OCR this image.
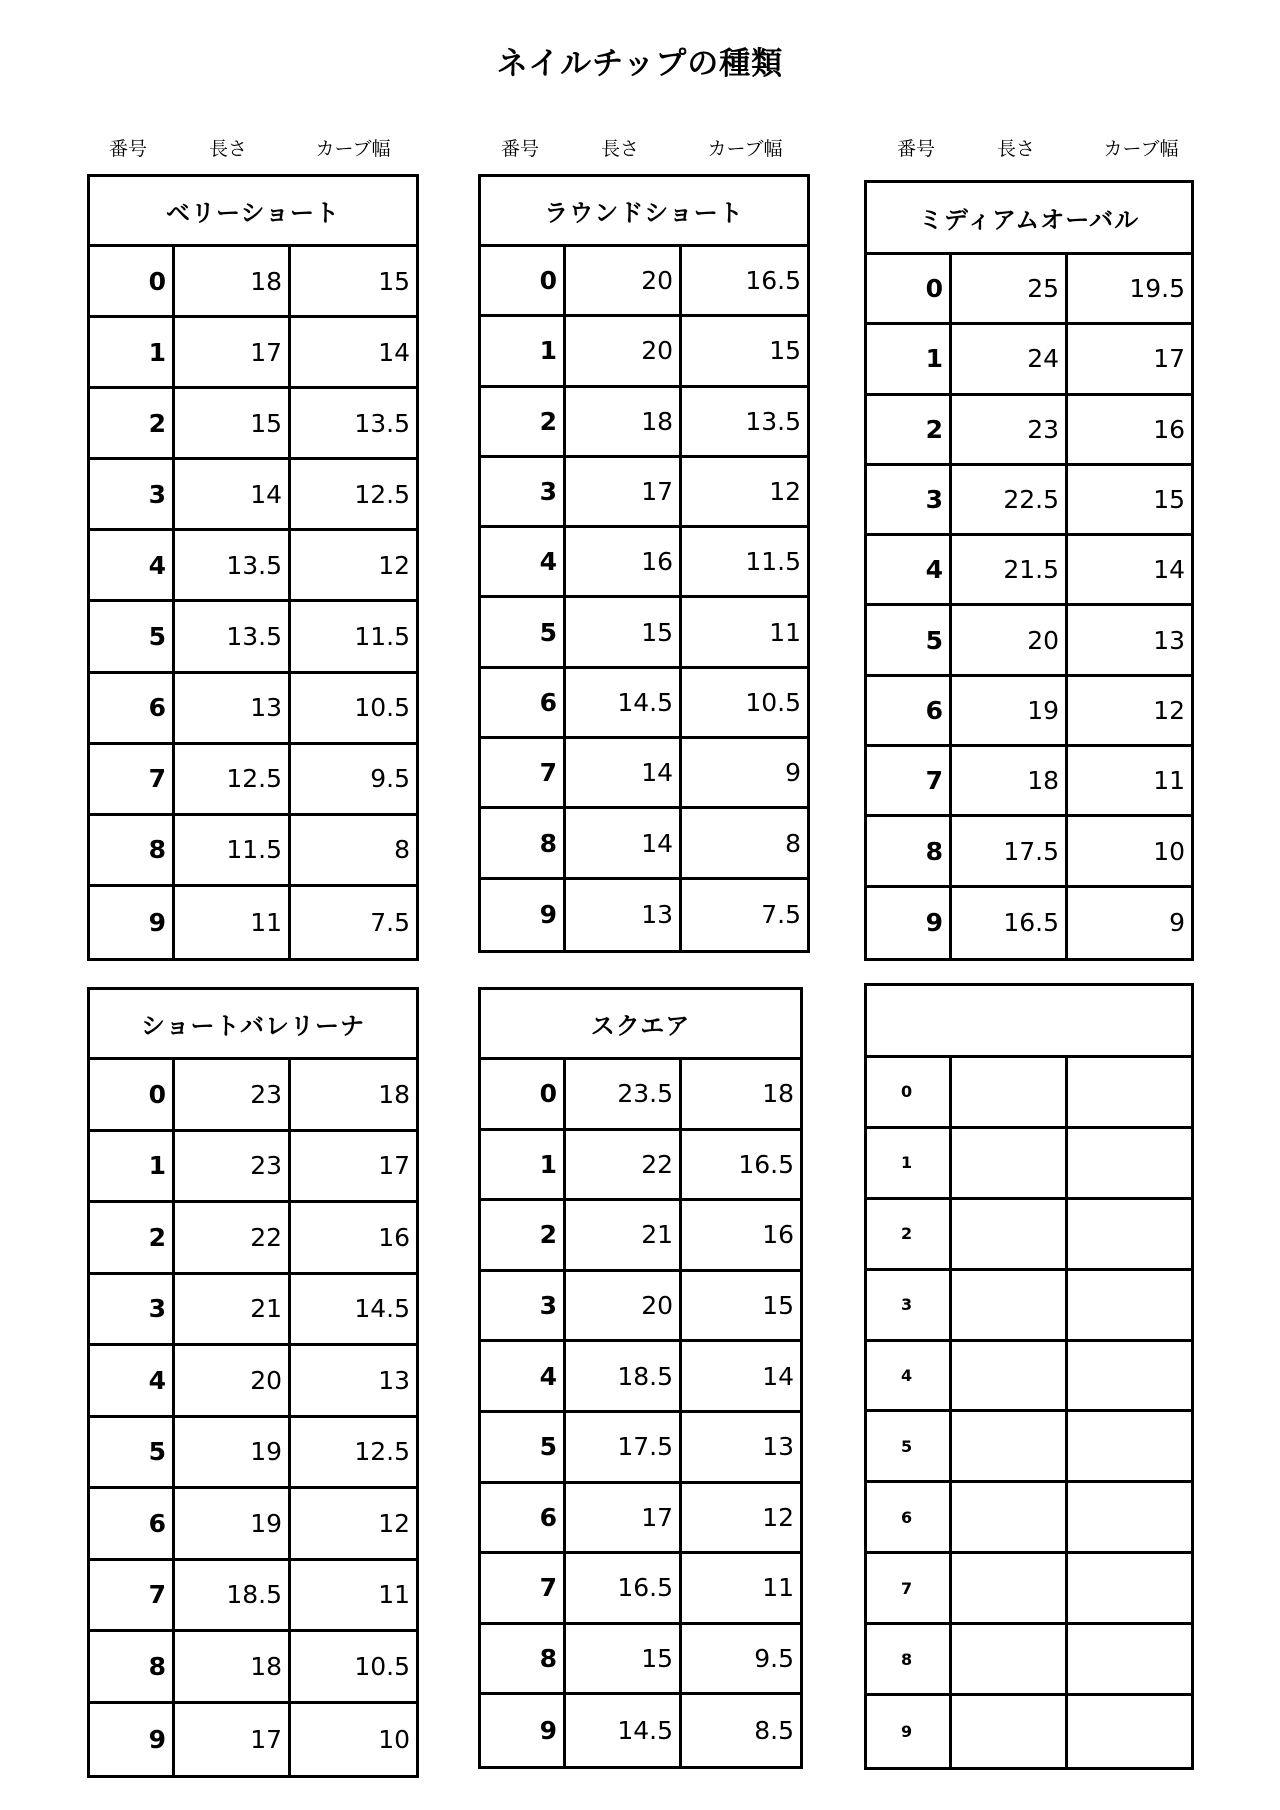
ネイルチップの種類
番号	長さ	カーブ幅	番号	長さ	カーブ幅	番号	長さ	カーブ幅
ベリーショート
0	18	15
1	17	14
2	15	13.5
3	14	12.5
4	13.5	12
5	13.5	11.5
6	13	10.5
7	12.5	9.5
8	11.5	8
9	11	7.5
ラウンドショート
0	20	16.5
1	20	15
2	18	13.5
3	17	12
4	16	11.5
5	15	11
6	14.5	10.5
7	14	9
8	14	8
9	13	7.5
ミディアムオーバル
0	25	19.5
1	24	17
2	23	16
3	22.5	15
4	21.5	14
5	20	13
6	19	12
7	18	11
8	17.5	10
9	16.5	9
ショートバレリーナ
0	23	18
1	23	17
2	22	16
3	21	14.5
4	20	13
5	19	12.5
6	19	12
7	18.5	11
8	18	10.5
9	17	10
スクエア
0	23.5	18
1	22	16.5
2	21	16
3	20	15
4	18.5	14
5	17.5	13
6	17	12
7	16.5	11
8	15	9.5
9	14.5	8.5
0
1
2
3
4
5
6
7
8
9
